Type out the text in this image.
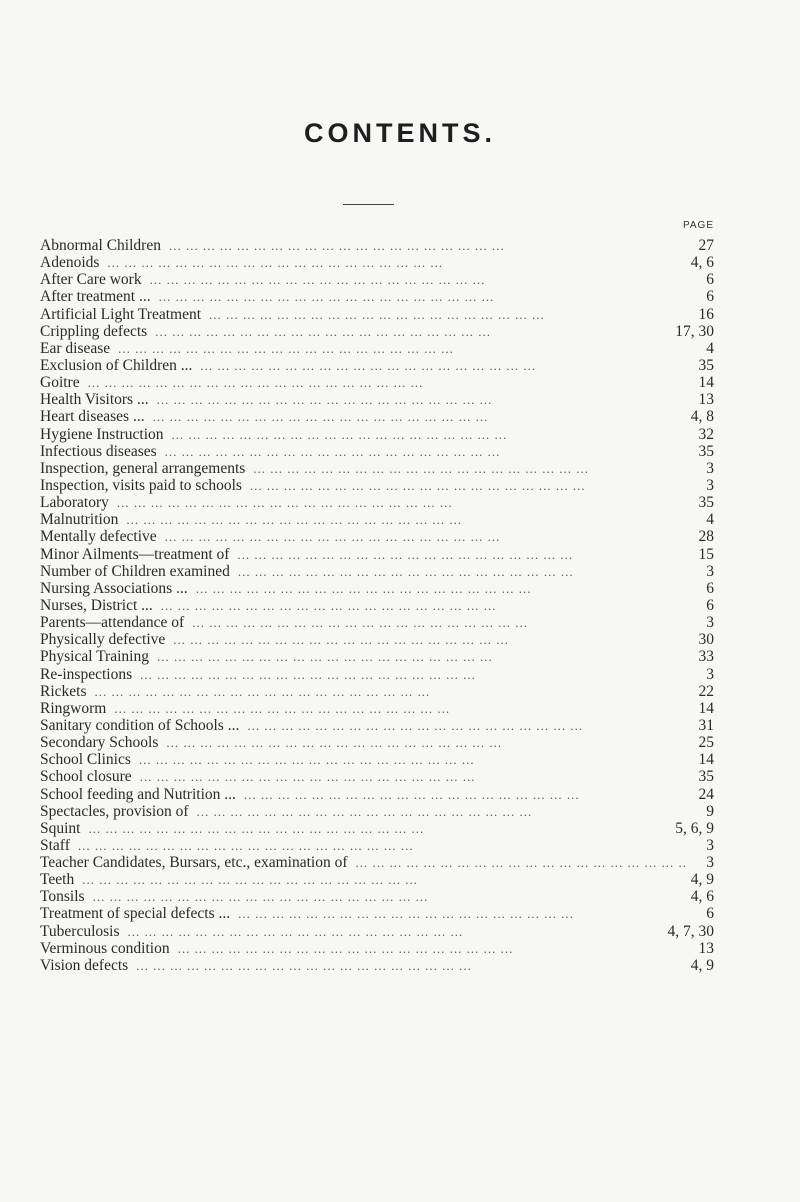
CONTENTS.
PAGE
Abnormal Children ...	27
Adenoids ...	4, 6
After Care work ...	6
After treatment ... ...	6
Artificial Light Treatment ...	16
Crippling defects ...	17, 30
Ear disease ...	4
Exclusion of Children ... ...	35
Goitre ...	14
Health Visitors ... ...	13
Heart diseases ... ...	4, 8
Hygiene Instruction ...	32
Infectious diseases ...	35
Inspection, general arrangements ...	3
Inspection, visits paid to schools ...	3
Laboratory ...	35
Malnutrition ...	4
Mentally defective ...	28
Minor Ailments—treatment of ...	15
Number of Children examined ...	3
Nursing Associations ... ...	6
Nurses, District ... ...	6
Parents—attendance of ...	3
Physically defective ...	30
Physical Training ...	33
Re-inspections ...	3
Rickets ...	22
Ringworm ...	14
Sanitary condition of Schools ... ...	31
Secondary Schools ...	25
School Clinics ...	14
School closure ...	35
School feeding and Nutrition ... ...	24
Spectacles, provision of ...	9
Squint ...	5, 6, 9
Staff ...	3
Teacher Candidates, Bursars, etc., examination of ...	3
Teeth ...	4, 9
Tonsils ...	4, 6
Treatment of special defects ... ...	6
Tuberculosis ...	4, 7, 30
Verminous condition ...	13
Vision defects ...	4, 9
